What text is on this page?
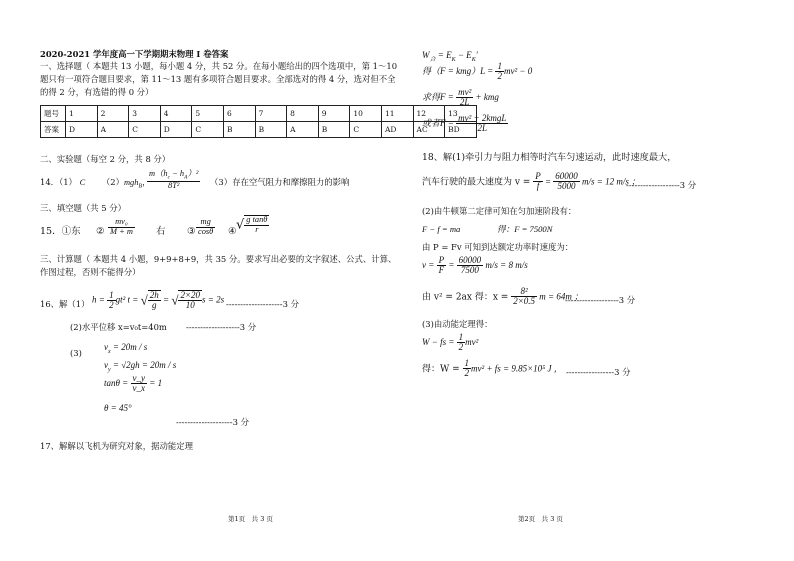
2020-2021 学年度高一下学期期末物理 I 卷答案
一、选择题（ 本题共 13 小题，每小题 4 分，共 52 分。在每小题给出的四个选项中，第 1～10
题只有一项符合题目要求，第 11～13 题有多项符合题目要求。全部选对的得 4 分，选对但不全
的得 2 分，有选错的得 0 分）
题号	1	2	3	4	5	6	7	8	9	10	11	12	13
答案	D	A	C	D	C	B	B	A	B	C	AD	AC	BD
二、实验题（每空 2 分，共 8 分）
14．（1） C （2）mgh$_B$，
$\frac{m(h_c - h_A)^2}{\text{8T²}} (3)$存在空气阻力和摩擦阻力的影响
三、填空题（共 5 分）
15．①东 ② $\frac{\text{mv₀}}{M + m}$ 右 ③ $\frac{mg}{\cos\theta}$ ④ √ $\frac{\text{g tanθ}}{r}$
三、计算题（ 本题共 4 小题，9+9+8+9，共 35 分。要求写出必要的文字叙述、公式、计算、
作图过程，否则不能得分）
16、解（1） $h = \frac{1}{2} gt^2$ t = √ $\frac{2h}{g}$ = √ $\frac{2\times 20}{10}$ s = 2s --------------------3 分
(2)水平位移 x=v₀t=40m -------------------3 分
(3)
$v_x = 20m / s$
$v_y = √2gh = 20m / s$
$\tan\theta = \frac{v\_y}{v\_x} = 1$
θ = 45°
--------------------3 分
17、解解以飞机为研究对象，据动能定理
第1页　共 3 页
$W_合 = E_K - E_K'$
得$(F = kmg)L = \frac{1}{2} mv^2 - 0$
求得$F = \frac{\text{mv²}}{2L}$ + kmg
或者$F = \frac{\text{mv² + 2kmgL}}{2L}$
18、解(1)牵引力与阻力相等时汽车匀速运动，此时速度最大，
汽车行驶的最大速度为 $v = \frac{P}{f} = \frac{60000}{5000} m/s = 12$ m/s ；
-------------------3 分
(2)由牛顿第二定律可知在匀加速阶段有：
F − f = ma	得：F = 7500N
由 P = Fv 可知到达额定功率时速度为：
$v = \frac{P}{F} = \frac{60000}{7500} m/s = 8$ m/s
由 v² = 2ax 得：$x = \frac{\text{8²}}{2\times 0.5}$ m = 64m ；
-------------------3 分
(3)由动能定理得：
W − fs = $\frac{1}{2} mv^2$
得：$W = \frac{1}{2} mv^2$ + fs = 9.85×10⁵ J ， -----------------3 分
第2页　共 3 页
